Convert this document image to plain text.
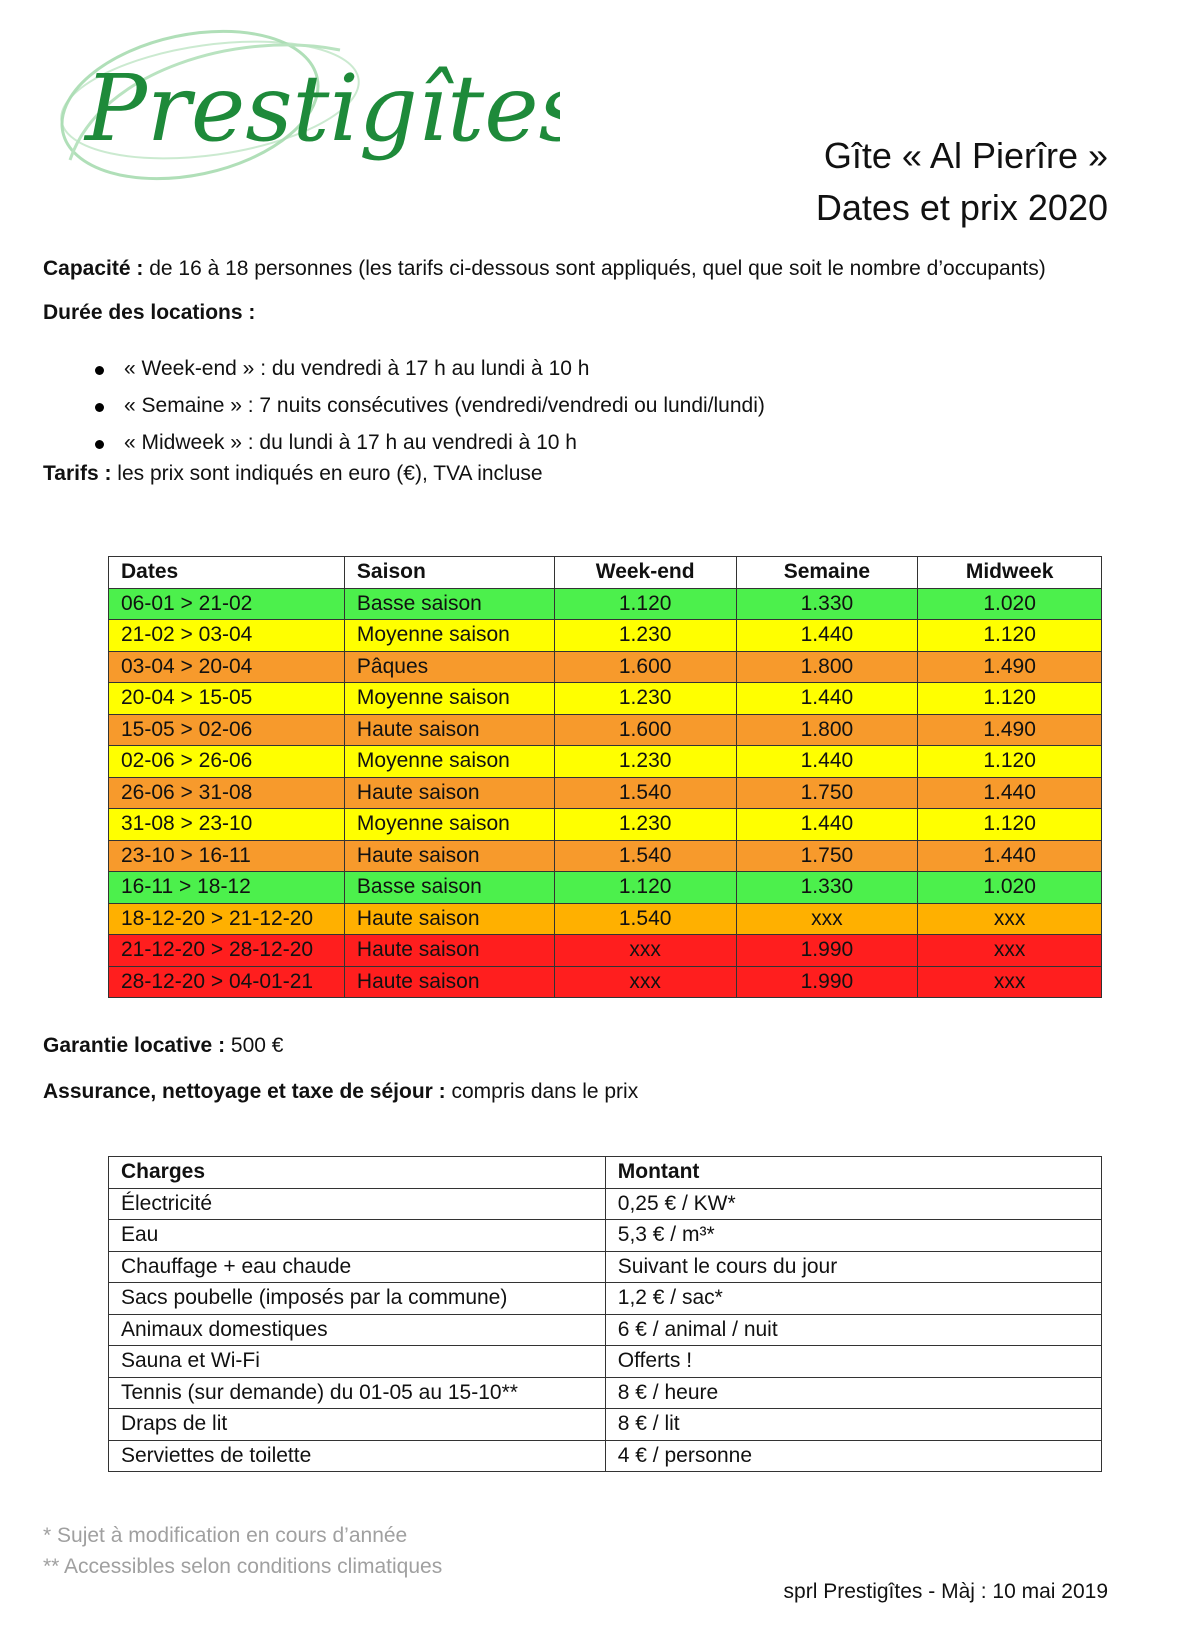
Prestigîtes	Gîte « Al Pierîre »
Dates et prix 2020
Capacité : de 16 à 18 personnes (les tarifs ci-dessous sont appliqués, quel que soit le nombre d’occupants)
Durée des locations :
« Week-end » : du vendredi à 17 h au lundi à 10 h
« Semaine » : 7 nuits consécutives (vendredi/vendredi ou lundi/lundi)
« Midweek » : du lundi à 17 h au vendredi à 10 h
Tarifs : les prix sont indiqués en euro (€), TVA incluse
Dates	Saison	Week-end	Semaine	Midweek
06-01 > 21-02	Basse saison	1.120	1.330	1.020
21-02 > 03-04	Moyenne saison	1.230	1.440	1.120
03-04 > 20-04	Pâques	1.600	1.800	1.490
20-04 > 15-05	Moyenne saison	1.230	1.440	1.120
15-05 > 02-06	Haute saison	1.600	1.800	1.490
02-06 > 26-06	Moyenne saison	1.230	1.440	1.120
26-06 > 31-08	Haute saison	1.540	1.750	1.440
31-08 > 23-10	Moyenne saison	1.230	1.440	1.120
23-10 > 16-11	Haute saison	1.540	1.750	1.440
16-11 > 18-12	Basse saison	1.120	1.330	1.020
18-12-20 > 21-12-20	Haute saison	1.540	xxx	xxx
21-12-20 > 28-12-20	Haute saison	xxx	1.990	xxx
28-12-20 > 04-01-21	Haute saison	xxx	1.990	xxx
Garantie locative : 500 €
Assurance, nettoyage et taxe de séjour : compris dans le prix
Charges	Montant
Électricité	0,25 € / KW*
Eau	5,3 € / m³*
Chauffage + eau chaude	Suivant le cours du jour
Sacs poubelle (imposés par la commune)	1,2 € / sac*
Animaux domestiques	6 € / animal / nuit
Sauna et Wi-Fi	Offerts !
Tennis (sur demande) du 01-05 au 15-10**	8 € / heure
Draps de lit	8 € / lit
Serviettes de toilette	4 € / personne
* Sujet à modification en cours d’année
** Accessibles selon conditions climatiques
sprl Prestigîtes - Màj : 10 mai 2019
